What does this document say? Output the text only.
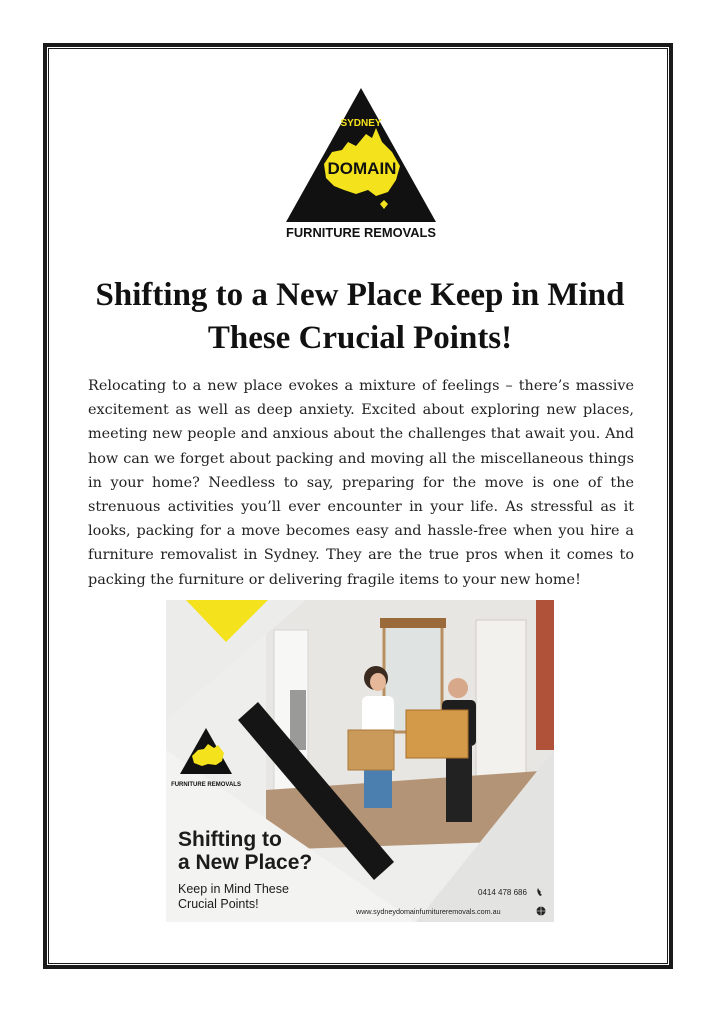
SYDNEY
DOMAIN
FURNITURE REMOVALS
Shifting to a New Place Keep in Mind
These Crucial Points!

Relocating to a new place evokes a mixture of feelings – there’s massive excitement as well as deep anxiety. Excited about exploring new places, meeting new people and anxious about the challenges that await you. And how can we forget about packing and moving all the miscellaneous things in your home? Needless to say, preparing for the move is one of the strenuous activities you’ll ever encounter in your life. As stressful as it looks, packing for a move becomes easy and hassle-free when you hire a furniture removalist in Sydney. They are the true pros when it comes to packing the furniture or delivering fragile items to your new home!

FURNITURE REMOVALS
Shifting to
a New Place?
Keep in Mind These
Crucial Points!
0414 478 686
www.sydneydomainfurnitureremovals.com.au
